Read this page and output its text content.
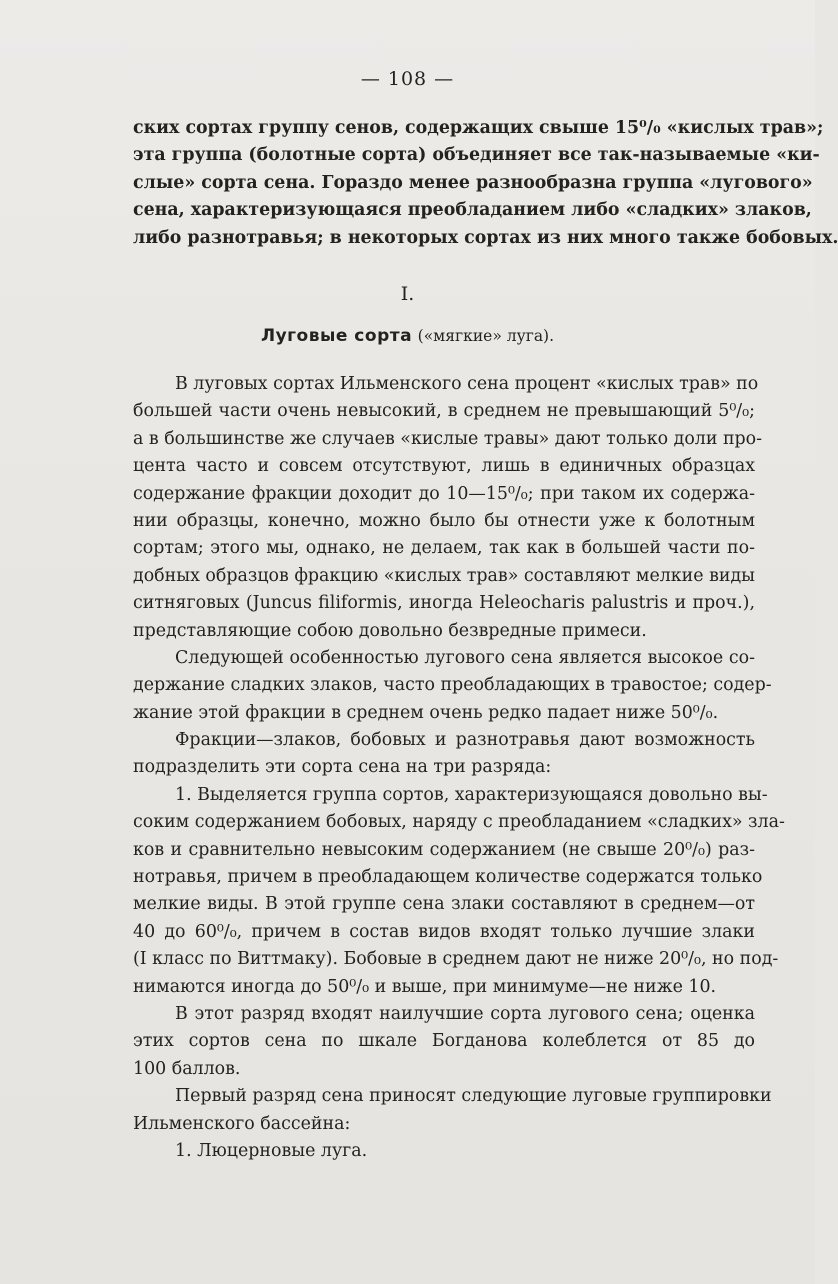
— 108 —
ских сортах группу сенов, содержащих свыше 15⁰/₀ «кислых трав»;
эта группа (болотные сорта) объединяет все так-называемые «ки-
слые» сорта сена. Гораздо менее разнообразна группа «лугового»
сена, характеризующаяся преобладанием либо «сладких» злаков,
либо разнотравья; в некоторых сортах из них много также бобовых.
I.
Луговые сорта («мягкие» луга).
В луговых сортах Ильменского сена процент «кислых трав» по
большей части очень невысокий, в среднем не превышающий 5⁰/₀;
а в большинстве же случаев «кислые травы» дают только доли про-
цента часто и совсем отсутствуют, лишь в единичных образцах
содержание фракции доходит до 10—15⁰/₀; при таком их содержа-
нии образцы, конечно, можно было бы отнести уже к болотным
сортам; этого мы, однако, не делаем, так как в большей части по-
добных образцов фракцию «кислых трав» составляют мелкие виды
ситняговых (Juncus filiformis, иногда Heleocharis palustris и проч.),
представляющие собою довольно безвредные примеси.
Следующей особенностью лугового сена является высокое со-
держание сладких злаков, часто преобладающих в травостое; содер-
жание этой фракции в среднем очень редко падает ниже 50⁰/₀.
Фракции—злаков, бобовых и разнотравья дают возможность
подразделить эти сорта сена на три разряда:
1. Выделяется группа сортов, характеризующаяся довольно вы-
соким содержанием бобовых, наряду с преобладанием «сладких» зла-
ков и сравнительно невысоким содержанием (не свыше 20⁰/₀) раз-
нотравья, причем в преобладающем количестве содержатся только
мелкие виды. В этой группе сена злаки составляют в среднем—от
40 до 60⁰/₀, причем в состав видов входят только лучшие злаки
(I класс по Виттмаку). Бобовые в среднем дают не ниже 20⁰/₀, но под-
нимаются иногда до 50⁰/₀ и выше, при минимуме—не ниже 10.
В этот разряд входят наилучшие сорта лугового сена; оценка
этих сортов сена по шкале Богданова колеблется от 85 до
100 баллов.
Первый разряд сена приносят следующие луговые группировки
Ильменского бассейна:
1. Люцерновые луга.
